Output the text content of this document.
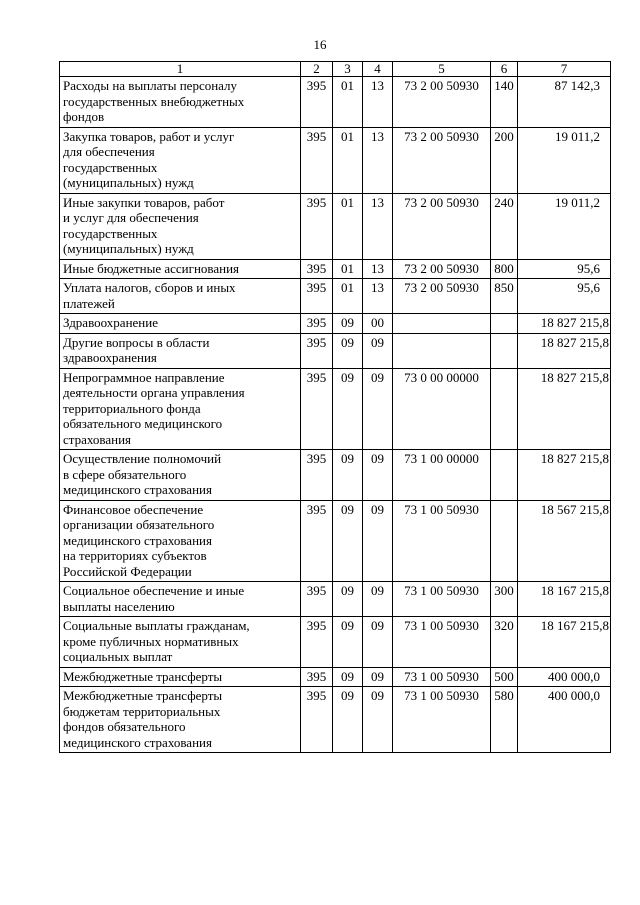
16
1	2	3	4	5	6	7
Расходы на выплаты персоналу
государственных внебюджетных
фондов	395	01	13	73 2 00 50930	140	87 142,3
Закупка товаров, работ и услуг
для обеспечения
государственных
(муниципальных) нужд	395	01	13	73 2 00 50930	200	19 011,2
Иные закупки товаров, работ
и услуг для обеспечения
государственных
(муниципальных) нужд	395	01	13	73 2 00 50930	240	19 011,2
Иные бюджетные ассигнования	395	01	13	73 2 00 50930	800	95,6
Уплата налогов, сборов и иных
платежей	395	01	13	73 2 00 50930	850	95,6
Здравоохранение	395	09	00			18 827 215,8
Другие вопросы в области
здравоохранения	395	09	09			18 827 215,8
Непрограммное направление
деятельности органа управления
территориального фонда
обязательного медицинского
страхования	395	09	09	73 0 00 00000		18 827 215,8
Осуществление полномочий
в сфере обязательного
медицинского страхования	395	09	09	73 1 00 00000		18 827 215,8
Финансовое обеспечение
организации обязательного
медицинского страхования
на территориях субъектов
Российской Федерации	395	09	09	73 1 00 50930		18 567 215,8
Социальное обеспечение и иные
выплаты населению	395	09	09	73 1 00 50930	300	18 167 215,8
Социальные выплаты гражданам,
кроме публичных нормативных
социальных выплат	395	09	09	73 1 00 50930	320	18 167 215,8
Межбюджетные трансферты	395	09	09	73 1 00 50930	500	400 000,0
Межбюджетные трансферты
бюджетам территориальных
фондов обязательного
медицинского страхования	395	09	09	73 1 00 50930	580	400 000,0
